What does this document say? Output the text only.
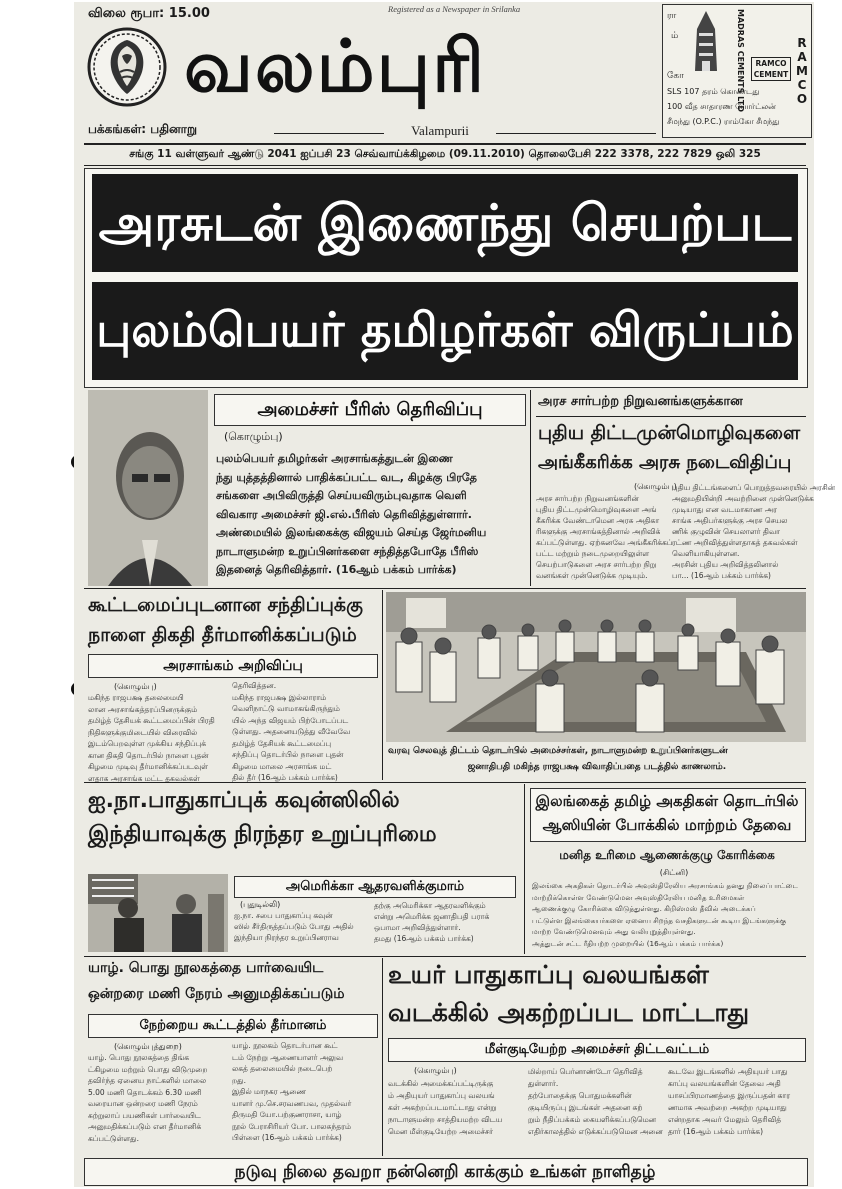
விலை ரூபா: 15.00	Registered as a Newspaper in Srilanka
வலம்புரி
பக்கங்கள்: பதினாறு	Valampurii
ரா
ம்
கோ	MADRAS CEMENTS LTD	RAMCO CEMENT
SLS 107 தரம் கொண்டது
100 வீத சாதாரண போர்ட்லன்
சீமந்து (O.P.C.) ராம்கோ சீமந்து
RAMCO
சங்கு 11 வள்ளுவர் ஆண்டு 2041 ஐப்பசி 23 செவ்வாய்க்கிழமை (09.11.2010) தொலைபேசி 222 3378, 222 7829 ஒலி 325
அரசுடன் இணைந்து செயற்பட
புலம்பெயர் தமிழர்கள் விருப்பம்
அமைச்சர் பீரிஸ் தெரிவிப்பு
(கொழும்பு)
புலம்பெயர் தமிழர்கள் அரசாங்கத்துடன் இணை
ந்து யுத்தத்தினால் பாதிக்கப்பட்ட வட, கிழக்கு பிரதே
சங்களை அபிவிருத்தி செய்யவிரும்புவதாக வெளி
விவகார அமைச்சர் ஜி.எல்.பீரிஸ் தெரிவித்துள்ளார்.
அண்மையில் இலங்கைக்கு விஜயம் செய்த ஜேர்மனிய
நாடாளுமன்ற உறுப்பினர்களை சந்தித்தபோதே பீரிஸ்
இதனைத் தெரிவித்தார். (16ஆம் பக்கம் பார்க்க)
அரச சார்பற்ற நிறுவனங்களுக்கான
புதிய திட்டமுன்மொழிவுகளை
அங்கீகரிக்க அரசு நடைவிதிப்பு
(கொழும்பு)
அரச சார்பற்ற நிறுவனங்களின்
புதிய திட்டமுன்மொழிவுகளை அங்
கீகரிக்க வேண்டாமென அரசு அதிகா
ரிகளுக்கு அரசாங்கத்தினால் அறிவிக்
கப்பட்டுள்ளது. ஏற்கனவே அங்கீகரிக்கப்
பட்ட மற்றும் நடைமுறையிலுள்ள
செயற்பாடுகளை அரச சார்பற்ற நிறு
வனங்கள் முன்னெடுக்க முடியும்.
புதிய திட்டங்களைப் பொறுத்தவரையில் அரசின்
அனுமதியின்றி அவற்றினை முன்னெடுக்க
முடியாது என வடமாகாண அர
சாங்க அதிபர்களுக்கு அரச செயல
ணிக் குழுவின் செயலாளர் திவா
ரட்ண அறிவித்துள்ளதாகத் தகவல்கள்
வெளியாகியுள்ளன.
அரசின் புதிய அறிவித்தலினால்
பா... (16ஆம் பக்கம் பார்க்க)
கூட்டமைப்புடனான சந்திப்புக்கு
நாளை திகதி தீர்மானிக்கப்படும்
அரசாங்கம் அறிவிப்பு
(கொழும்பு)
மகிந்த ராஜபக்ஷ தலைமையி
லான அரசாங்கத்தரப்பினருக்கும்
தமிழ்த் தேசியக் கூட்டமைப்பின் பிரதி
நிதிகளுக்குமிடையில் விரைவில்
இடம்பெறவுள்ள முக்கிய சந்திப்புக்
கான திகதி தொடர்பில் நாளை புதன்
கிழமை முடிவு தீர்மானிக்கப்படவுள்
ளதாக அரசாங்க மட்ட தகவல்கள்
தெரிவித்தன.
மகிந்த ராஜபக்ஷ இல்லாராம்
வெளிநாட்டு வாமாகங்கிருந்தும்
யில் அந்த விஜயம் பிற்போடப்பட
டுள்ளது. அதனையடுத்து வீவேவே
தமிழ்த் தேசியக் கூட்டமைப்பு
சந்திப்பு தொடர்பில் நாளை புதன்
கிழமை மாலை அரசாங்க மட்
தில் தீர் (16ஆம் பக்கம் பார்க்க)
வரவு செலவுத் திட்டம் தொடர்பில் அமைச்சர்கள், நாடாளுமன்ற உறுப்பினர்களுடன்
ஜனாதிபதி மகிந்த ராஜபக்ஷ விவாதிப்பதை படத்தில் காணலாம்.
ஐ.நா.பாதுகாப்புக் கவுன்ஸிலில்
இந்தியாவுக்கு நிரந்தர உறுப்புரிமை
அமெரிக்கா ஆதரவளிக்குமாம்
(புதுடில்லி)
ஐ.நா. சபை பாதுகாப்பு கவுன்
ஸில் சீர்திருத்தப்படும் போது அதில்
இந்தியா நிரந்தர உறுப்பினராவ
தற்கு அமெரிக்கா ஆதரவளிக்கும்
என்று அமெரிக்க ஜனாதிபதி பராக்
ஒபாமா அறிவித்துள்ளார்.
தமது (16ஆம் பக்கம் பார்க்க)
இலங்கைத் தமிழ் அகதிகள் தொடர்பில்
ஆஸியின் போக்கில் மாற்றம் தேவை
மனித உரிமை ஆணைக்குழு கோரிக்கை
(சிட்னி)
இலங்கை அகதிகள் தொடர்பில் அவுஸ்திரேலிய அரசாங்கம் தனது நிலைப்பாட்டை
மாற்றிக்கொள்ள வேண்டுமென அவுஸ்திரேலிய மனித உரிமைகள்
ஆணைக்குழு கோரிக்கை விடுத்துள்ளது. கிறிஸ்மஸ் தீவில் அடைக்கப்
பட்டுள்ள இலங்கையர்களை ஏனைய சிறந்த வசதிகளுடன் கூடிய இடங்களுக்கு
மாற்ற வேண்டுமெனவும் அது வலியுறுத்தியுள்ளது.
அத்துடன் சட்ட ரீதியற்ற முறையில் (16ஆம் பக்கம் பார்க்க)
யாழ். பொது நூலகத்தை பார்வையிட
ஒன்றரை மணி நேரம் அனுமதிக்கப்படும்
நேற்றைய கூட்டத்தில் தீர்மானம்
(கொழும்புத்துறை)
யாழ். பொது நூலகத்தை திங்க
ட்கிழமை மற்றும் பொது விடுமுறை
தவிர்ந்த ஏனைய நாட்களில் மாலை
5.00 மணி தொடக்கம் 6.30 மணி
வரையான ஒன்றரை மணி நேரம்
சுற்றுலாப் பயணிகள் பார்வையிட
அனுமதிக்கப்படும் என தீர்மானிக்
கப்பட்டுள்ளது.
யாழ். நூலகம் தொடர்பான கூட்
டம் நேற்று ஆணையாளர் அலுவ
லகத் தலைமையில் நடைபெற்
றது.
இதில் மாநகர ஆணை
யாளர் மு.செ.சரவணபவ, முதல்வர்
திருமதி யோ.பற்குணராசா, யாழ்
நூல் பேராசிரியர் போ. பாலசுந்தரம்
பிள்ளை (16ஆம் பக்கம் பார்க்க)
உயர் பாதுகாப்பு வலயங்கள்
வடக்கில் அகற்றப்பட மாட்டாது
மீள்குடியேற்ற அமைச்சர் திட்டவட்டம்
(கொழும்பு)
வடக்கில் அமைக்கப்பட்டிருக்கு
ம் அதியுயர் பாதுகாப்பு வலயங்
கள் அகற்றப்படமாட்டாது என்று
நாடாளுமன்ற சாத்தியமற்ற விடய
மென மீள்குடியேற்ற அமைச்சர்
மில்றாய் பெர்னாண்டோ தெரிவித்
துள்ளார்.
தற்போதைக்கு பொதுமக்களின்
குடியிருப்பு இடங்கள் அதனை சுற்
றும் நீதிப்பக்கம் கையளிக்கப்படுமென
எதிர்காலத்தில் எடுக்கப்படுமென அனை
கூடவே இடங்களில் அதியுயர் பாது
காப்பு வலயங்களின் தேவை அதி
யாசப்பிரமாணத்தை இருப்பதன் கார
ணமாக அவற்றை அகற்ற முடியாது
என்றதாக அவர் மேலும் தெரிவித்
தார் (16ஆம் பக்கம் பார்க்க)
நடுவு நிலை தவறா நன்னெறி காக்கும் உங்கள் நாளிதழ்
